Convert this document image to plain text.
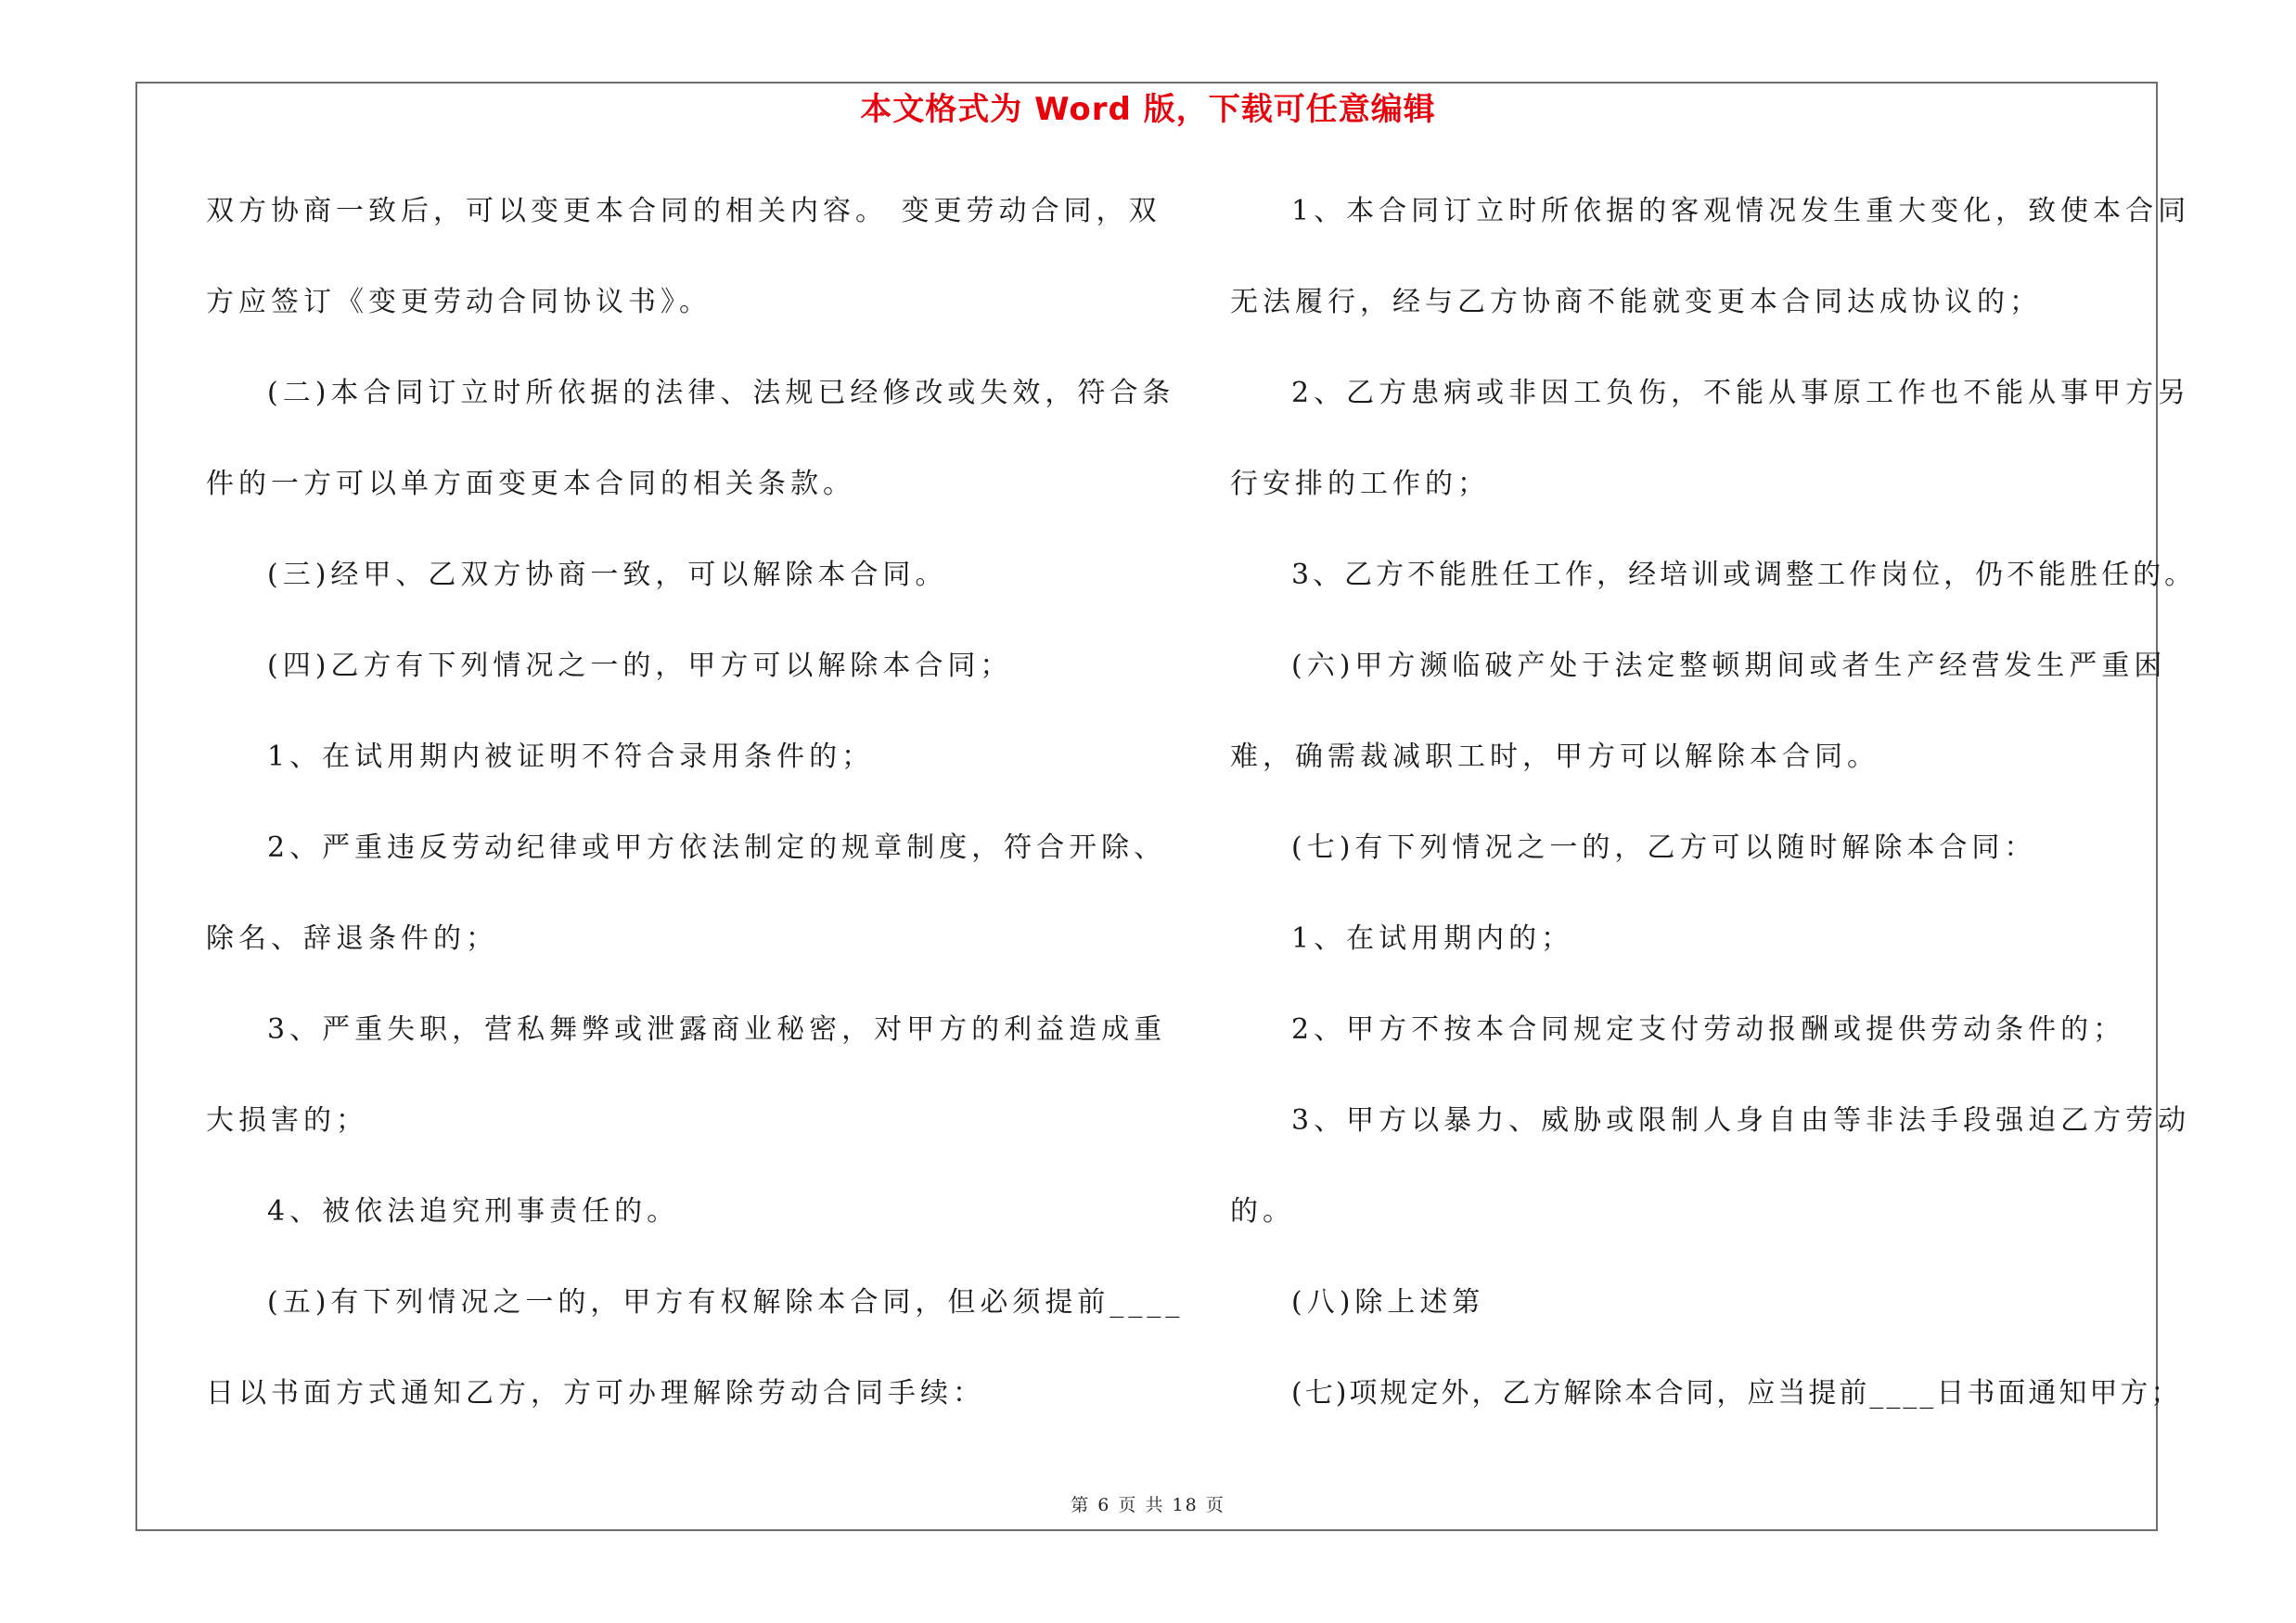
本文格式为 Word 版，下载可任意编辑
双方协商一致后，可以变更本合同的相关内容。 变更劳动合同，双
方应签订《变更劳动合同协议书》。
(二)本合同订立时所依据的法律、法规已经修改或失效，符合条
件的一方可以单方面变更本合同的相关条款。
(三)经甲、乙双方协商一致，可以解除本合同。
(四)乙方有下列情况之一的，甲方可以解除本合同；
1、在试用期内被证明不符合录用条件的；
2、严重违反劳动纪律或甲方依法制定的规章制度，符合开除、
除名、辞退条件的；
3、严重失职，营私舞弊或泄露商业秘密，对甲方的利益造成重
大损害的；
4、被依法追究刑事责任的。
(五)有下列情况之一的，甲方有权解除本合同，但必须提前____
日以书面方式通知乙方，方可办理解除劳动合同手续：
1、本合同订立时所依据的客观情况发生重大变化，致使本合同
无法履行，经与乙方协商不能就变更本合同达成协议的；
2、乙方患病或非因工负伤，不能从事原工作也不能从事甲方另
行安排的工作的；
3、乙方不能胜任工作，经培训或调整工作岗位，仍不能胜任的。
(六)甲方濒临破产处于法定整顿期间或者生产经营发生严重困
难，确需裁减职工时，甲方可以解除本合同。
(七)有下列情况之一的，乙方可以随时解除本合同：
1、在试用期内的；
2、甲方不按本合同规定支付劳动报酬或提供劳动条件的；
3、甲方以暴力、威胁或限制人身自由等非法手段强迫乙方劳动
的。
(八)除上述第
(七)项规定外，乙方解除本合同，应当提前____日书面通知甲方；
第 6 页 共 18 页
